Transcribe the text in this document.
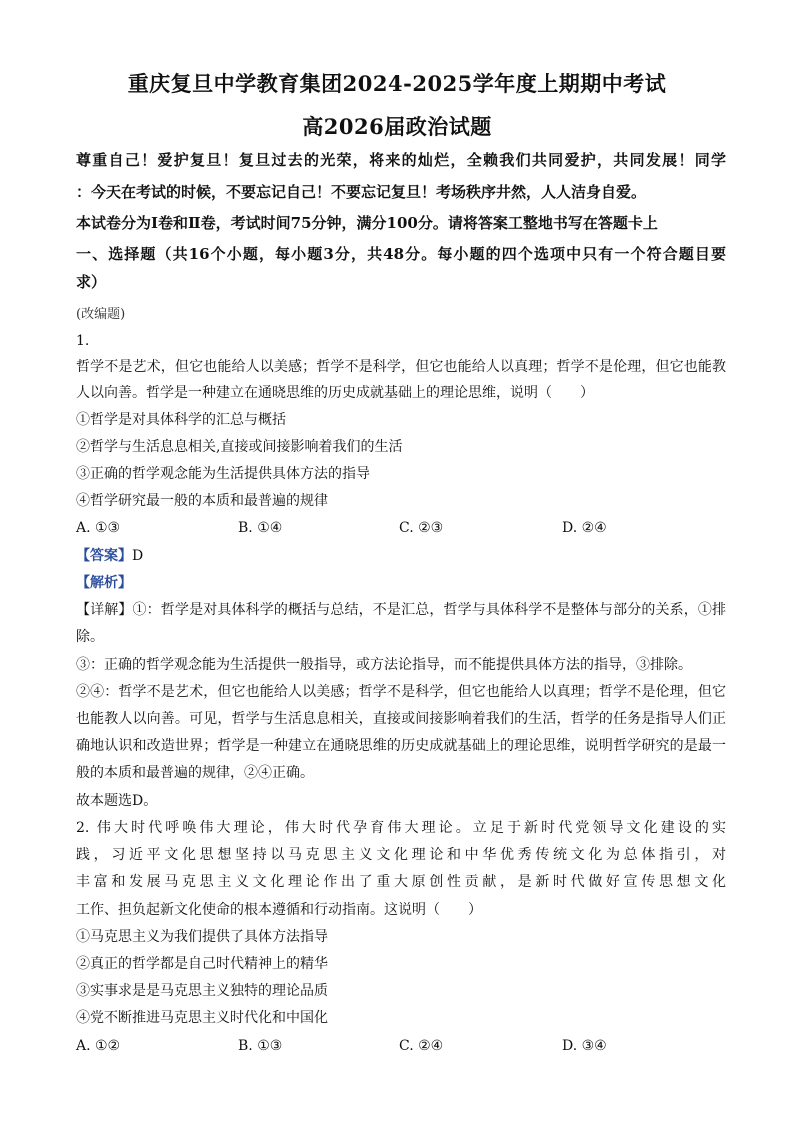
重庆复旦中学教育集团2024-2025学年度上期期中考试
高2026届政治试题
尊重自己！爱护复旦！复旦过去的光荣，将来的灿烂，全赖我们共同爱护，共同发展！同学
：今天在考试的时候，不要忘记自己！不要忘记复旦！考场秩序井然，人人洁身自爱。
本试卷分为Ⅰ卷和Ⅱ卷，考试时间75分钟，满分100分。请将答案工整地书写在答题卡上
一、选择题（共16个小题，每小题3分，共48分。每小题的四个选项中只有一个符合题目要
求）
(改编题)
1.
哲学不是艺术，但它也能给人以美感；哲学不是科学，但它也能给人以真理；哲学不是伦理，但它也能教
人以向善。哲学是一种建立在通晓思维的历史成就基础上的理论思维，说明（　　）
①哲学是对具体科学的汇总与概括
②哲学与生活息息相关,直接或间接影响着我们的生活
③正确的哲学观念能为生活提供具体方法的指导
④哲学研究最一般的本质和最普遍的规律
A. ①③	B. ①④	C. ②③	D. ②④
【答案】D
【解析】
【详解】①：哲学是对具体科学的概括与总结，不是汇总，哲学与具体科学不是整体与部分的关系，①排
除。
③：正确的哲学观念能为生活提供一般指导，或方法论指导，而不能提供具体方法的指导，③排除。
②④：哲学不是艺术，但它也能给人以美感；哲学不是科学，但它也能给人以真理；哲学不是伦理，但它
也能教人以向善。可见，哲学与生活息息相关，直接或间接影响着我们的生活，哲学的任务是指导人们正
确地认识和改造世界；哲学是一种建立在通晓思维的历史成就基础上的理论思维，说明哲学研究的是最一
般的本质和最普遍的规律，②④正确。
故本题选D。
2. 伟大时代呼唤伟大理论，伟大时代孕育伟大理论。立足于新时代党领导文化建设的实
践，习近平文化思想坚持以马克思主义文化理论和中华优秀传统文化为总体指引，对
丰富和发展马克思主义文化理论作出了重大原创性贡献，是新时代做好宣传思想文化
工作、担负起新文化使命的根本遵循和行动指南。这说明（　　）
①马克思主义为我们提供了具体方法指导
②真正的哲学都是自己时代精神上的精华
③实事求是是马克思主义独特的理论品质
④党不断推进马克思主义时代化和中国化
A. ①②	B. ①③	C. ②④	D. ③④
